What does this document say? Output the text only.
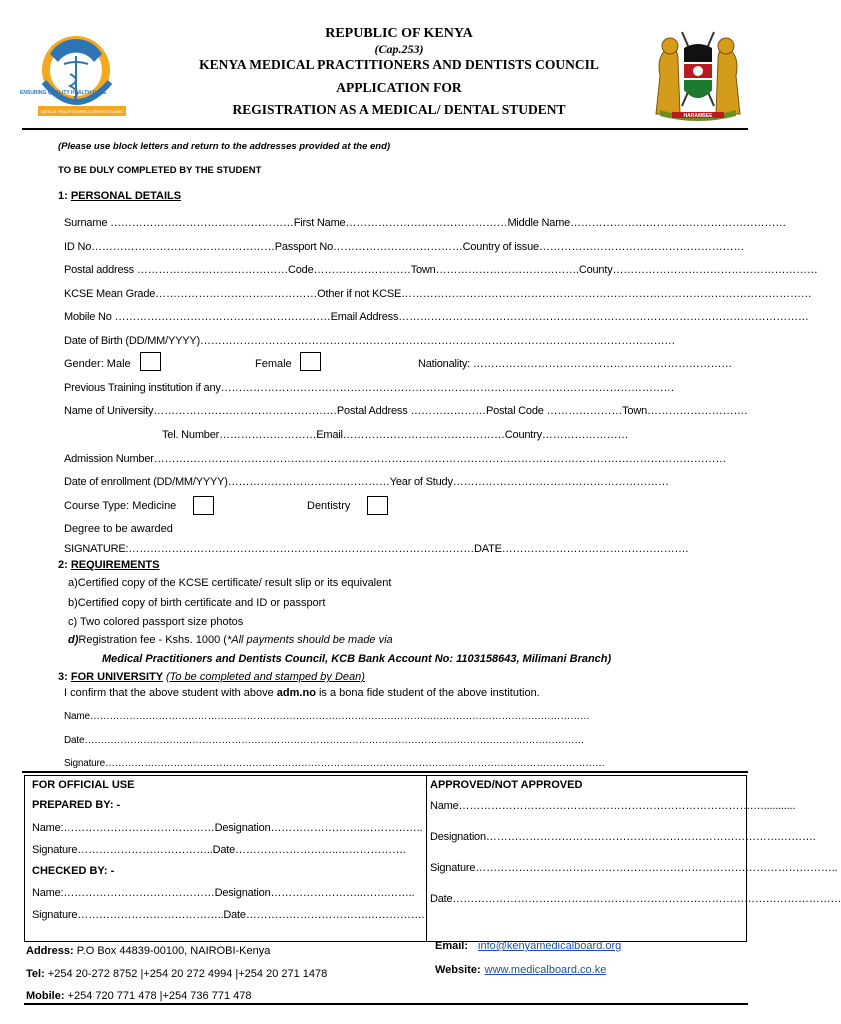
MEDICAL PRACTITIONERS & DENTISTS BOARD
ENSURING QUALITY HEALTH CARE
HARAMBEE
REPUBLIC OF KENYA
(Cap.253)
KENYA MEDICAL PRACTITIONERS AND DENTISTS COUNCIL
APPLICATION FOR
REGISTRATION AS A MEDICAL/ DENTAL STUDENT
(Please use block letters and return to the addresses provided at the end)
TO BE DULY COMPLETED BY THE STUDENT
1: PERSONAL DETAILS
Surname ……………………………………………First Name………………………………………Middle Name……………………………………………………
ID No……………………………………………Passport No………………………………Country of issue…………………………………………………
Postal address ……………………………………Code………………………Town………………………………….County…………………………………………………
KCSE Mean Grade………………………………………Other if not KCSE……………………………………………………………………………………………………
Mobile No ……………………………………………………Email Address……………………………………………………………………………………………………
Date of Birth (DD/MM/YYYY)……………………………………………………………………………………………………………………
Gender: Male	Female	Nationality: ………………………………………………………………
Previous Training institution if any………………………………………………………………………………………………………………
Name of University……………………………………………Postal Address …………………Postal Code …………………Town……………………….
Tel. Number………………………Email………………………………………Country……………………
Admission Number……………………………………………………………………………………………………………………………………………
Date of enrollment (DD/MM/YYYY)………………………………………Year of Study……………………………………………………
Course Type: Medicine	Dentistry
Degree to be awarded
SIGNATURE:……………………………………………………………………………………DATE…………………………………………….
2: REQUIREMENTS
a)Certified copy of the KCSE certificate/ result slip or its equivalent
b)Certified copy of birth certificate and ID or passport
c) Two colored passport size photos
d)Registration fee - Kshs. 1000 (*All payments should be made via
Medical Practitioners and Dentists Council, KCB Bank Account No: 1103158643, Milimani Branch)
3: FOR UNIVERSITY (To be completed and stamped by Dean)
I confirm that the above student with above adm.no is a bona fide student of the above institution.
Name………………………………………………………………………………………………………………………………………
Date………………………………………………………………………………………………………………………………………
Signature………………………………………………………………………………………………………………………………………
FOR OFFICIAL USE
PREPARED BY: -
Name:……………………………………Designation……………………..……………..
Signature………………………………..Date………………………..……………….
CHECKED BY: -
Name:……………………………………Designation……………………..…….……..
Signature…………………………………..Date…………………………….…………….
APPROVED/NOT APPROVED
Name……………………………………………………………………….…...........
Designation……………………………………………………………………….……….
Signature………………………………………………………………………………………..
Date………………………………………………………………………………………………
Address: P.O Box 44839-00100, NAIROBI-Kenya
Tel: +254 20-272 8752 |+254 20 272 4994 |+254 20 271 1478
Mobile: +254 720 771 478 |+254 736 771 478
Email: info@kenyamedicalboard.org
Website: www.medicalboard.co.ke
